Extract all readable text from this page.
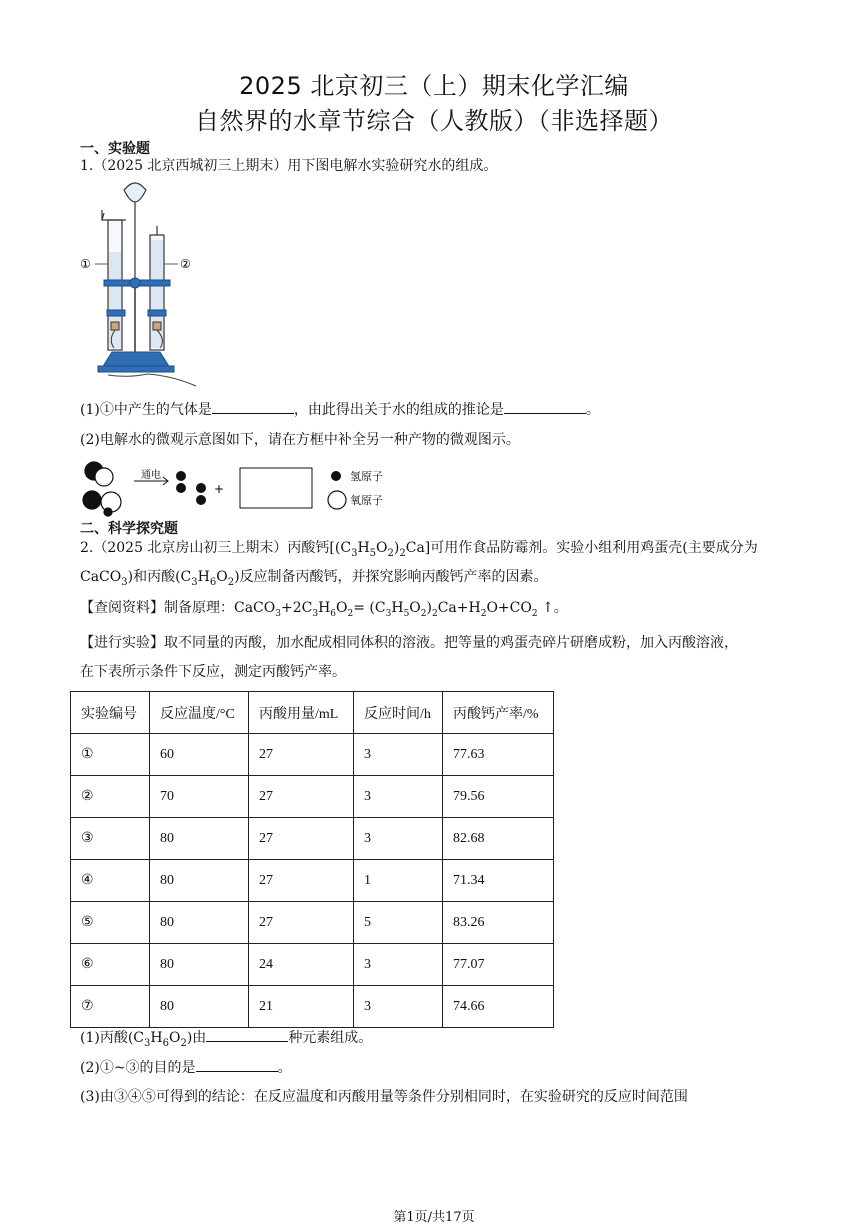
2025 北京初三（上）期末化学汇编
自然界的水章节综合（人教版）（非选择题）
一、实验题
1.（2025 北京西城初三上期末）用下图电解水实验研究水的组成。
①	②
(1)①中产生的气体是	，由此得出关于水的组成的推论是	。
(2)电解水的微观示意图如下，请在方框中补全另一种产物的微观图示。
通电
+
氢原子
氧原子
二、科学探究题
2.（2025 北京房山初三上期末）丙酸钙$[(C_3H_5O_2)_2Ca]$可用作食品防霉剂。实验小组利用鸡蛋壳(主要成分为
CaCO$_3$)和丙酸$(C_3H_6O_2)$反应制备丙酸钙，并探究影响丙酸钙产率的因素。
【查阅资料】制备原理：$CaCO_3+2C_3H_6O_2= (C_3H_5O_2)_2Ca+H_2O+CO_2$ ↑。
【进行实验】取不同量的丙酸，加水配成相同体积的溶液。把等量的鸡蛋壳碎片研磨成粉，加入丙酸溶液，
在下表所示条件下反应，测定丙酸钙产率。
实验编号	反应温度/°C	丙酸用量/mL	反应时间/h	丙酸钙产率/%
①	60	27	3	77.63
②	70	27	3	79.56
③	80	27	3	82.68
④	80	27	1	71.34
⑤	80	27	5	83.26
⑥	80	24	3	77.07
⑦	80	21	3	74.66
(1)丙酸$(C_3H_6O_2)$由	种元素组成。
(2)①~③的目的是	。
(3)由③④⑤可得到的结论：在反应温度和丙酸用量等条件分别相同时，在实验研究的反应时间范围
第1页/共17页
